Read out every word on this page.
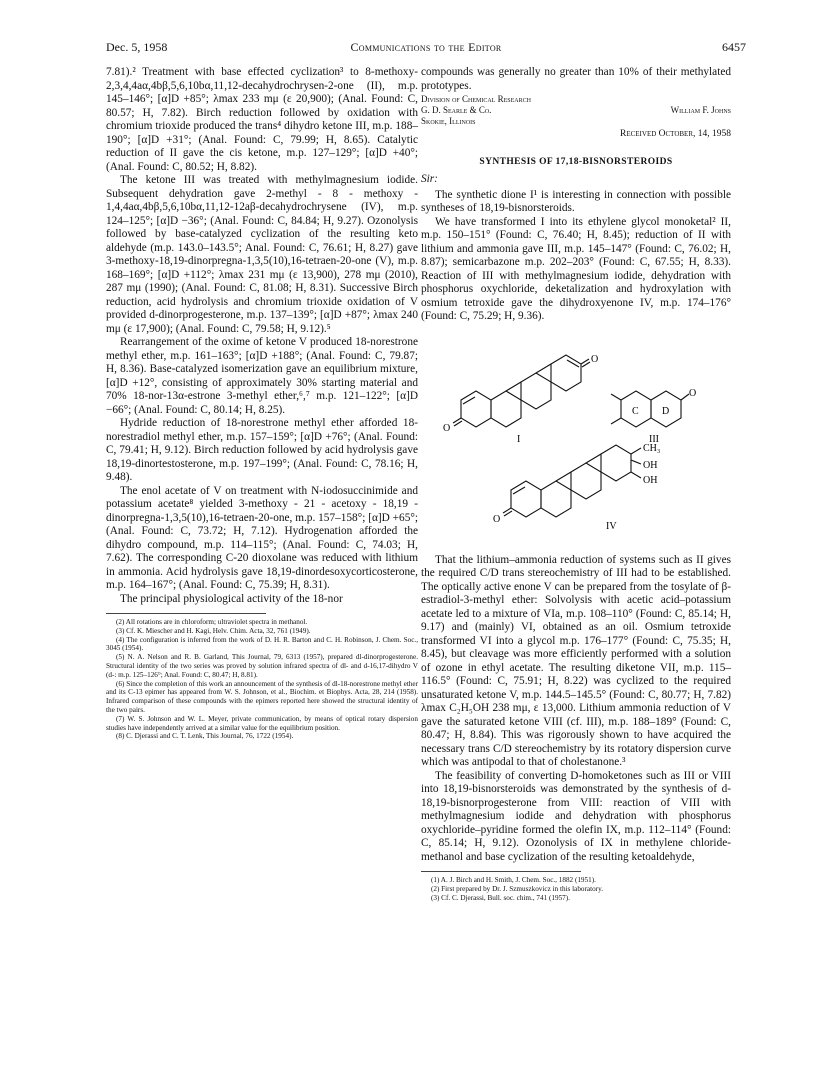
Dec. 5, 1958	Communications to the Editor	6457

7.81).² Treatment with base effected cyclization³ to 8-methoxy-2,3,4,4aα,4bβ,5,6,10bα,11,12-decahydrochrysen-2-one (II), m.p. 145–146°; [α]D +85°; λmax 233 mμ (ε 20,900); (Anal. Found: C, 80.57; H, 7.82). Birch reduction followed by oxidation with chromium trioxide produced the trans⁴ dihydro ketone III, m.p. 188–190°; [α]D +31°; (Anal. Found: C, 79.99; H, 8.65). Catalytic reduction of II gave the cis ketone, m.p. 127–129°; [α]D +40°; (Anal. Found: C, 80.52; H, 8.82).

The ketone III was treated with methylmagnesium iodide. Subsequent dehydration gave 2-methyl - 8 - methoxy - 1,4,4aα,4bβ,5,6,10bα,11,12-12aβ-decahydrochrysene (IV), m.p. 124–125°; [α]D −36°; (Anal. Found: C, 84.84; H, 9.27). Ozonolysis followed by base-catalyzed cyclization of the resulting keto aldehyde (m.p. 143.0–143.5°; Anal. Found: C, 76.61; H, 8.27) gave 3-methoxy-18,19-dinorpregna-1,3,5(10),16-tetraen-20-one (V), m.p. 168–169°; [α]D +112°; λmax 231 mμ (ε 13,900), 278 mμ (2010), 287 mμ (1990); (Anal. Found: C, 81.08; H, 8.31). Successive Birch reduction, acid hydrolysis and chromium trioxide oxidation of V provided d-dinorprogesterone, m.p. 137–139°; [α]D +87°; λmax 240 mμ (ε 17,900); (Anal. Found: C, 79.58; H, 9.12).⁵

Rearrangement of the oxime of ketone V produced 18-norestrone methyl ether, m.p. 161–163°; [α]D +188°; (Anal. Found: C, 79.87; H, 8.36). Base-catalyzed isomerization gave an equilibrium mixture, [α]D +12°, consisting of approximately 30% starting material and 70% 18-nor-13α-estrone 3-methyl ether,⁶,⁷ m.p. 121–122°; [α]D −66°; (Anal. Found: C, 80.14; H, 8.25).

Hydride reduction of 18-norestrone methyl ether afforded 18-norestradiol methyl ether, m.p. 157–159°; [α]D +76°; (Anal. Found: C, 79.41; H, 9.12). Birch reduction followed by acid hydrolysis gave 18,19-dinortestosterone, m.p. 197–199°; (Anal. Found: C, 78.16; H, 9.48).

The enol acetate of V on treatment with N-iodosuccinimide and potassium acetate⁸ yielded 3-methoxy - 21 - acetoxy - 18,19 - dinorpregna-1,3,5(10),16-tetraen-20-one, m.p. 157–158°; [α]D +65°; (Anal. Found: C, 73.72; H, 7.12). Hydrogenation afforded the dihydro compound, m.p. 114–115°; (Anal. Found: C, 74.03; H, 7.62). The corresponding C-20 dioxolane was reduced with lithium in ammonia. Acid hydrolysis gave 18,19-dinordesoxycorticosterone, m.p. 164–167°; (Anal. Found: C, 75.39; H, 8.31).

The principal physiological activity of the 18-nor

(2) All rotations are in chloroform; ultraviolet spectra in methanol.

(3) Cf. K. Miescher and H. Kagi, Helv. Chim. Acta, 32, 761 (1949).

(4) The configuration is inferred from the work of D. H. R. Barton and C. H. Robinson, J. Chem. Soc., 3045 (1954).

(5) N. A. Nelson and R. B. Garland, This Journal, 79, 6313 (1957), prepared dl-dinorprogesterone. Structural identity of the two series was proved by solution infrared spectra of dl- and d-16,17-dihydro V (d-: m.p. 125–126°; Anal. Found: C, 80.47; H, 8.81).

(6) Since the completion of this work an announcement of the synthesis of dl-18-norestrone methyl ether and its C-13 epimer has appeared from W. S. Johnson, et al., Biochim. et Biophys. Acta, 28, 214 (1958). Infrared comparison of these compounds with the epimers reported here showed the structural identity of the two pairs.

(7) W. S. Johnson and W. L. Meyer, private communication, by means of optical rotary dispersion studies have independently arrived at a similar value for the equilibrium position.

(8) C. Djerassi and C. T. Lenk, This Journal, 76, 1722 (1954).

compounds was generally no greater than 10% of their methylated prototypes.

Division of Chemical Research
G. D. Searle & Co.	William F. Johns
Skokie, Illinois
Received October, 14, 1958
SYNTHESIS OF 17,18-BISNORSTEROIDS

Sir:

The synthetic dione I¹ is interesting in connection with possible syntheses of 18,19-bisnorsteroids.

We have transformed I into its ethylene glycol monoketal² II, m.p. 150–151° (Found: C, 76.40; H, 8.45); reduction of II with lithium and ammonia gave III, m.p. 145–147° (Found: C, 76.02; H, 8.87); semicarbazone m.p. 202–203° (Found: C, 67.55; H, 8.33). Reaction of III with methylmagnesium iodide, dehydration with phosphorus oxychloride, deketalization and hydroxylation with osmium tetroxide gave the dihydroxyenone IV, m.p. 174–176° (Found: C, 75.29; H, 9.36).

O
O
I
C D
O
III
O
CH₃
OH
OH
IV

That the lithium–ammonia reduction of systems such as II gives the required C/D trans stereochemistry of III had to be established. The optically active enone V can be prepared from the tosylate of β-estradiol-3-methyl ether: Solvolysis with acetic acid–potassium acetate led to a mixture of VIa, m.p. 108–110° (Found: C, 85.14; H, 9.17) and (mainly) VI, obtained as an oil. Osmium tetroxide transformed VI into a glycol m.p. 176–177° (Found: C, 75.35; H, 8.45), but cleavage was more efficiently performed with a solution of ozone in ethyl acetate. The resulting diketone VII, m.p. 115–116.5° (Found: C, 75.91; H, 8.22) was cyclized to the required unsaturated ketone V, m.p. 144.5–145.5° (Found: C, 80.77; H, 7.82) λmax C₂H₅OH 238 mμ, ε 13,000. Lithium ammonia reduction of V gave the saturated ketone VIII (cf. III), m.p. 188–189° (Found: C, 80.47; H, 8.84). This was rigorously shown to have acquired the necessary trans C/D stereochemistry by its rotatory dispersion curve which was antipodal to that of cholestanone.³

The feasibility of converting D-homoketones such as III or VIII into 18,19-bisnorsteroids was demonstrated by the synthesis of d-18,19-bisnorprogesterone from VIII: reaction of VIII with methylmagnesium iodide and dehydration with phosphorus oxychloride–pyridine formed the olefin IX, m.p. 112–114° (Found: C, 85.14; H, 9.12). Ozonolysis of IX in methylene chloride-methanol and base cyclization of the resulting ketoaldehyde,

(1) A. J. Birch and H. Smith, J. Chem. Soc., 1882 (1951).

(2) First prepared by Dr. J. Szmuszkovicz in this laboratory.

(3) Cf. C. Djerassi, Bull. soc. chim., 741 (1957).
